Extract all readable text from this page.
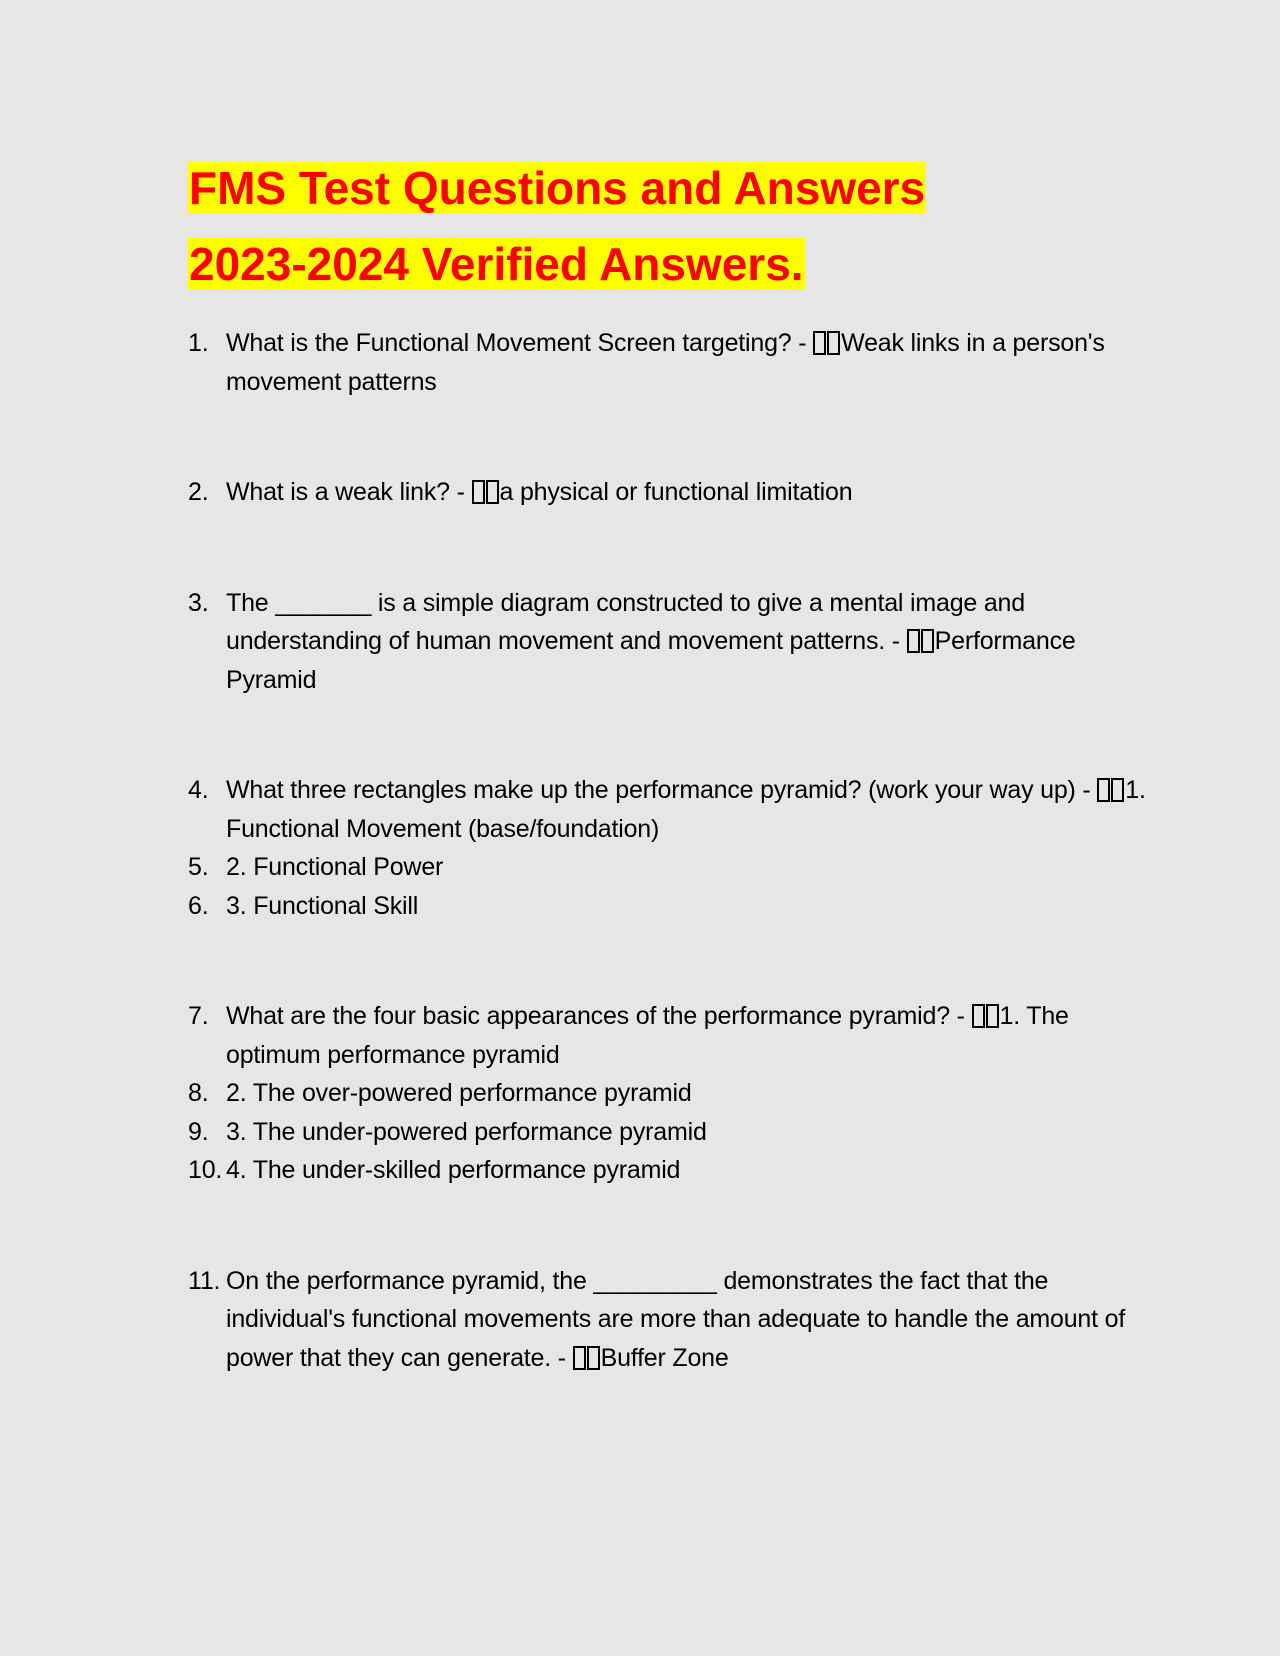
FMS Test Questions and Answers
2023-2024 Verified Answers.
1. What is the Functional Movement Screen targeting? - Weak links in a person's movement patterns
2. What is a weak link? - a physical or functional limitation
3. The _______ is a simple diagram constructed to give a mental image and understanding of human movement and movement patterns. - Performance Pyramid
4. What three rectangles make up the performance pyramid? (work your way up) - 1. Functional Movement (base/foundation)
5. 2. Functional Power
6. 3. Functional Skill
7. What are the four basic appearances of the performance pyramid? - 1. The optimum performance pyramid
8. 2. The over-powered performance pyramid
9. 3. The under-powered performance pyramid
10. 4. The under-skilled performance pyramid
11. On the performance pyramid, the _________ demonstrates the fact that the individual's functional movements are more than adequate to handle the amount of power that they can generate. - Buffer Zone
